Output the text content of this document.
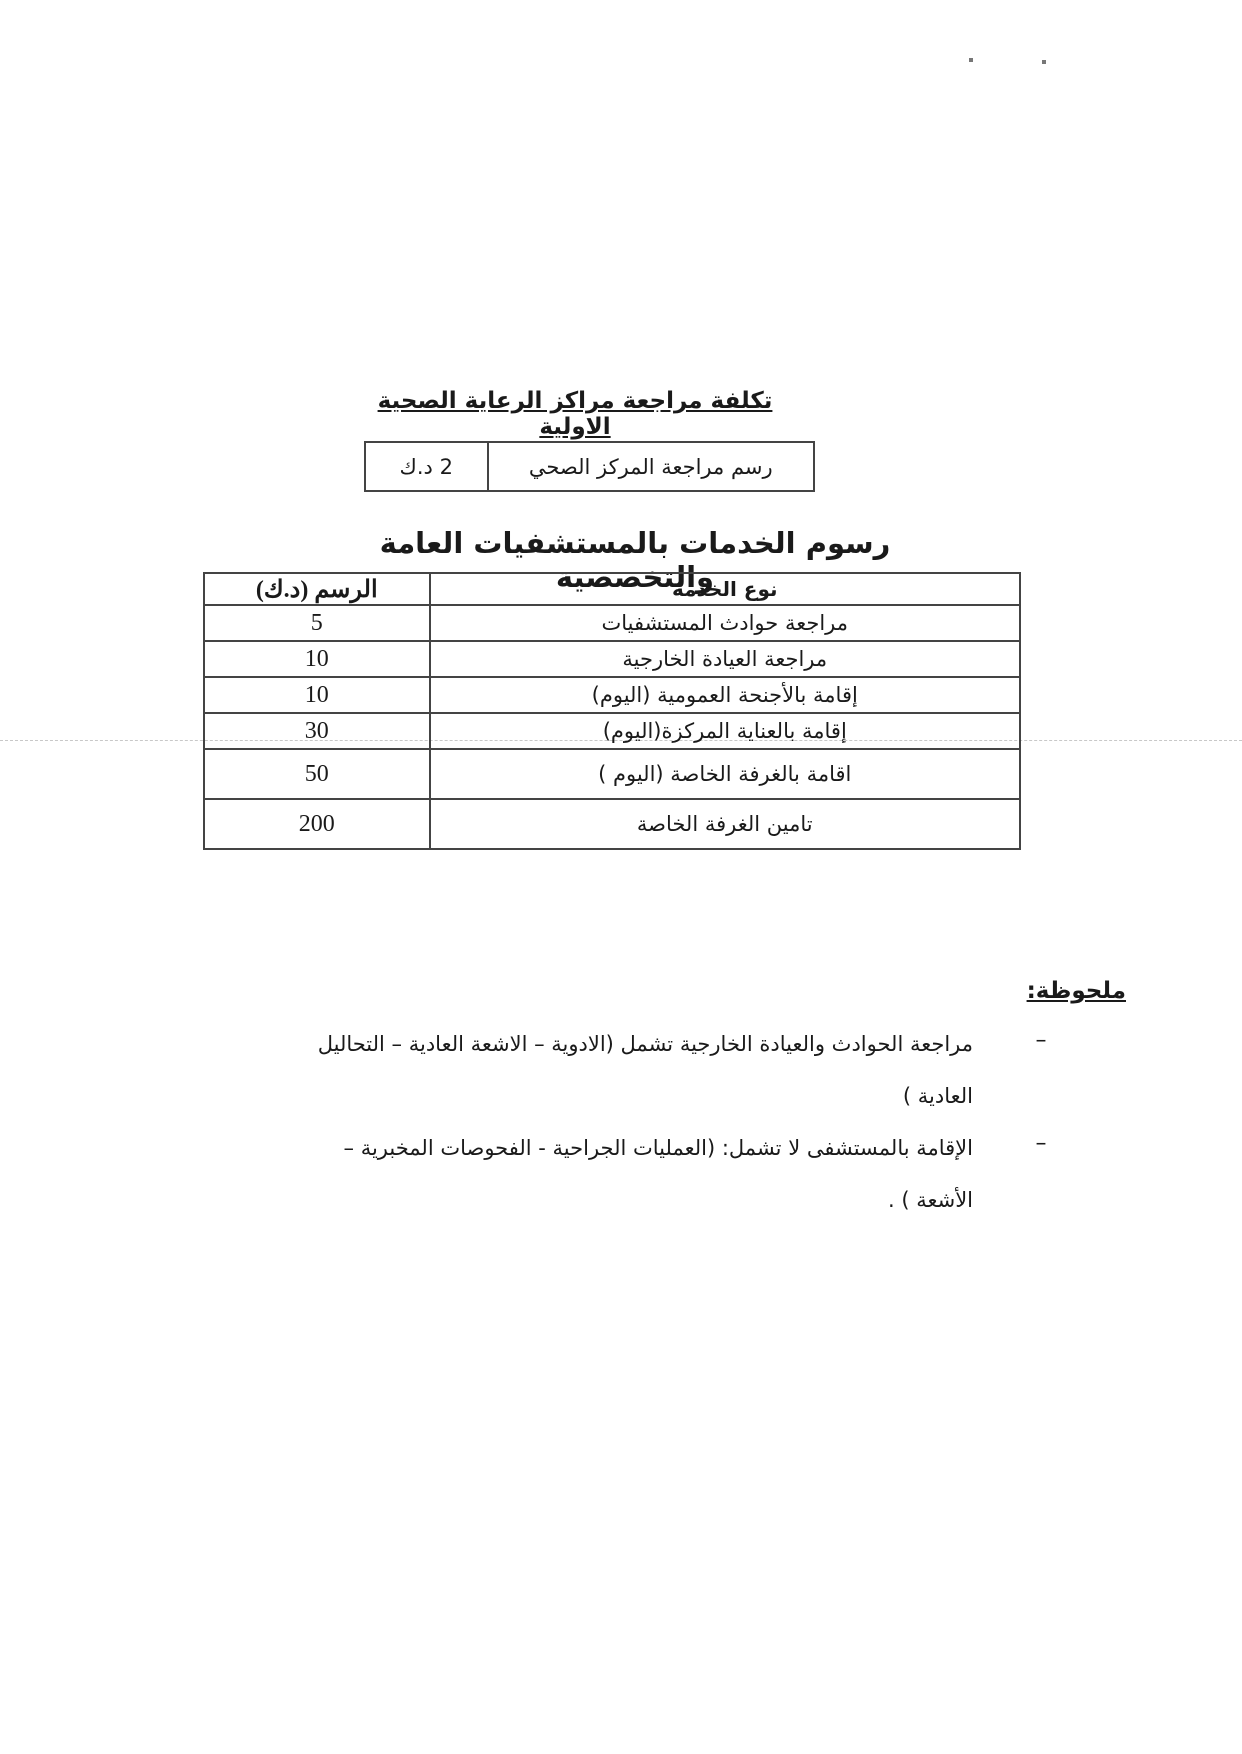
تكلفة مراجعة مراكز الرعاية الصحية الاولية
رسم مراجعة المركز الصحي	2 د.ك
رسوم الخدمات بالمستشفيات العامة والتخصصية
نوع الخدمة	الرسم (د.ك)
مراجعة حوادث المستشفيات	5
مراجعة العيادة الخارجية	10
إقامة بالأجنحة العمومية (اليوم)	10
إقامة بالعناية المركزة(اليوم)	30
اقامة بالغرفة الخاصة (اليوم )	50
تامين الغرفة الخاصة	200
ملحوظة:
–
مراجعة الحوادث والعيادة الخارجية تشمل (الادوية – الاشعة العادية – التحاليل العادية )
–
الإقامة بالمستشفى لا تشمل: (العمليات الجراحية - الفحوصات المخبرية – الأشعة ) .
